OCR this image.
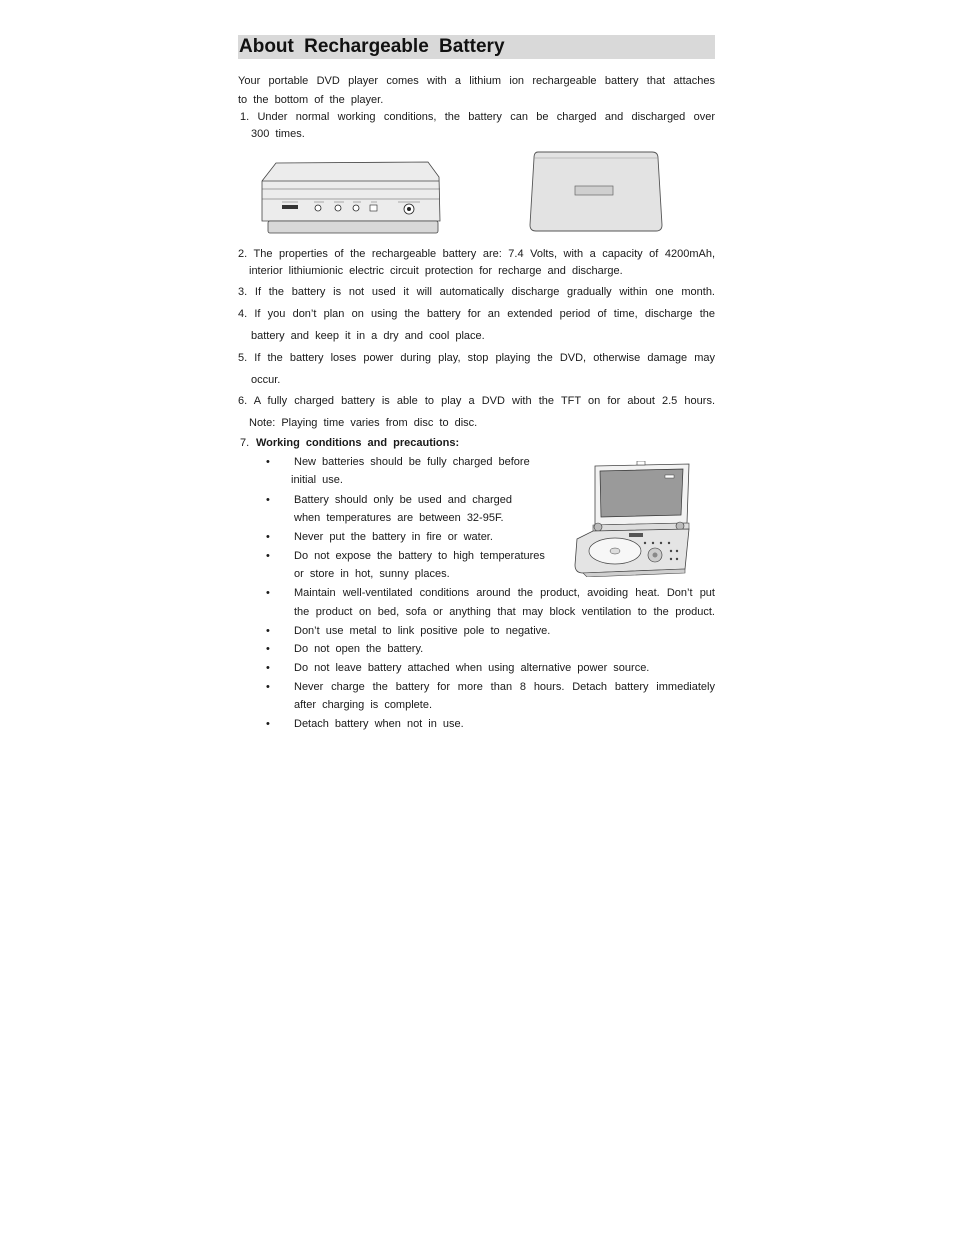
About Rechargeable Battery
Your portable DVD player comes with a lithium ion rechargeable battery that attaches
to the bottom of the player.
1. Under normal working conditions, the battery can be charged and discharged over
300 times.
2. The properties of the rechargeable battery are: 7.4 Volts, with a capacity of 4200mAh,
interior lithiumionic electric circuit protection for recharge and discharge.
3. If the battery is not used it will automatically discharge gradually within one month.
4. If you don’t plan on using the battery for an extended period of time, discharge the
battery and keep it in a dry and cool place.
5. If the battery loses power during play, stop playing the DVD, otherwise damage may
occur.
6. A fully charged battery is able to play a DVD with the TFT on for about 2.5 hours.
Note: Playing time varies from disc to disc.
7. Working conditions and precautions:
• New batteries should be fully charged before
initial use.
• Battery should only be used and charged
when temperatures are between 32-95F.
• Never put the battery in fire or water.
• Do not expose the battery to high temperatures
or store in hot, sunny places.
• Maintain well-ventilated conditions around the product, avoiding heat. Don’t put
the product on bed, sofa or anything that may block ventilation to the product.
• Don’t use metal to link positive pole to negative.
• Do not open the battery.
• Do not leave battery attached when using alternative power source.
• Never charge the battery for more than 8 hours. Detach battery immediately
after charging is complete.
• Detach battery when not in use.
